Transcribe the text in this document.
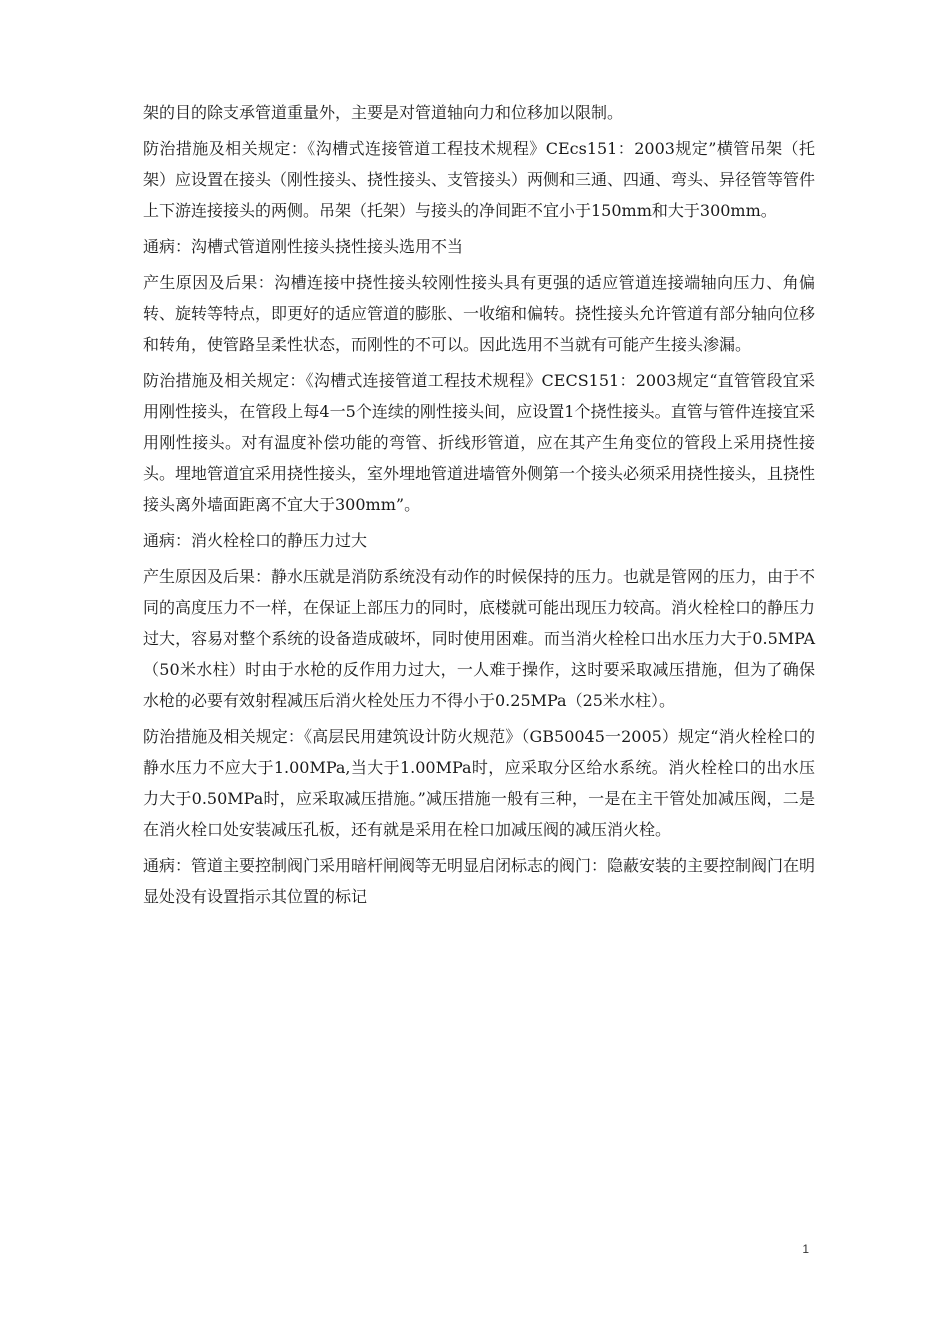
架的目的除支承管道重量外，主要是对管道轴向力和位移加以限制。

防治措施及相关规定：《沟槽式连接管道工程技术规程》CEcs151：2003规定”横管吊架（托架）应设置在接头（刚性接头、挠性接头、支管接头）两侧和三通、四通、弯头、异径管等管件上下游连接接头的两侧。吊架（托架）与接头的净间距不宜小于150mm和大于300mm。

通病：沟槽式管道刚性接头挠性接头选用不当

产生原因及后果：沟槽连接中挠性接头较刚性接头具有更强的适应管道连接端轴向压力、角偏转、旋转等特点，即更好的适应管道的膨胀、一收缩和偏转。挠性接头允许管道有部分轴向位移和转角，使管路呈柔性状态，而刚性的不可以。因此选用不当就有可能产生接头渗漏。

防治措施及相关规定：《沟槽式连接管道工程技术规程》CECS151：2003规定“直管管段宜采用刚性接头，在管段上每4一5个连续的刚性接头间，应设置1个挠性接头。直管与管件连接宜采用刚性接头。对有温度补偿功能的弯管、折线形管道，应在其产生角变位的管段上采用挠性接头。埋地管道宜采用挠性接头，室外埋地管道进墙管外侧第一个接头必须采用挠性接头，且挠性接头离外墙面距离不宜大于300mm”。

通病：消火栓栓口的静压力过大

产生原因及后果：静水压就是消防系统没有动作的时候保持的压力。也就是管网的压力，由于不同的高度压力不一样，在保证上部压力的同时，底楼就可能出现压力较高。消火栓栓口的静压力过大，容易对整个系统的设备造成破坏，同时使用困难。而当消火栓栓口出水压力大于0.5MPA（50米水柱）时由于水枪的反作用力过大，一人难于操作，这时要采取减压措施，但为了确保水枪的必要有效射程减压后消火栓处压力不得小于0.25MPa（25米水柱）。

防治措施及相关规定：《高层民用建筑设计防火规范》（GB50045一2005）规定“消火栓栓口的静水压力不应大于1.00MPa,当大于1.00MPa时，应采取分区给水系统。消火栓栓口的出水压力大于0.50MPa时，应采取减压措施。”减压措施一般有三种，一是在主干管处加减压阀，二是在消火栓口处安装减压孔板，还有就是采用在栓口加减压阀的减压消火栓。

通病：管道主要控制阀门采用暗杆闸阀等无明显启闭标志的阀门：隐蔽安装的主要控制阀门在明显处没有设置指示其位置的标记

1
